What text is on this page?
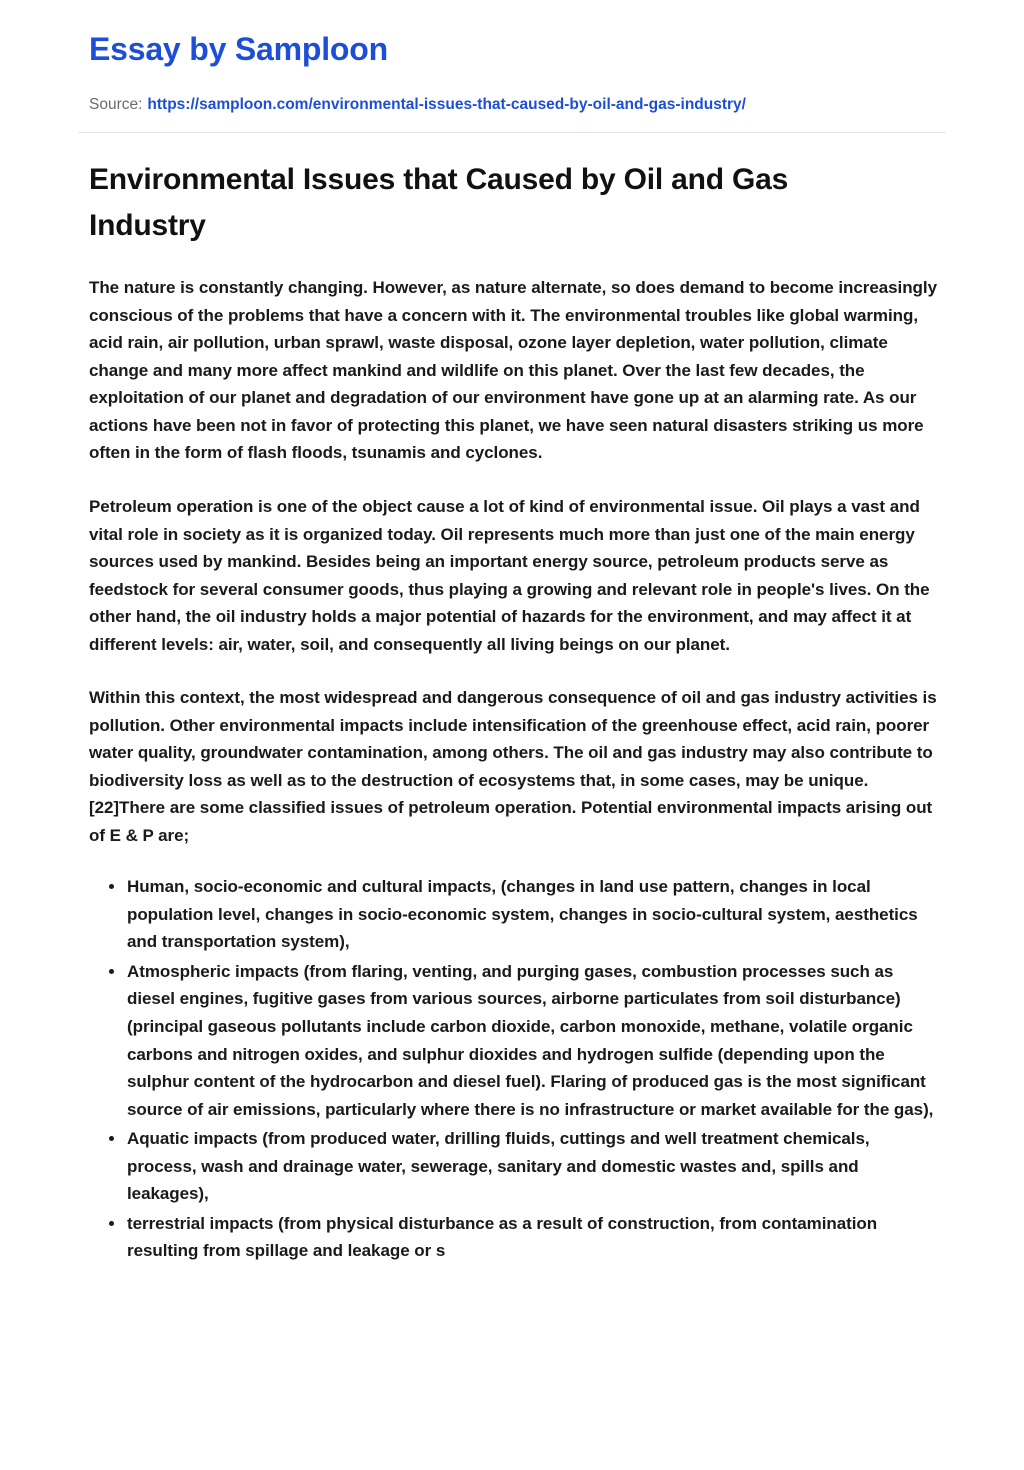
Essay by Samploon
Source: https://samploon.com/environmental-issues-that-caused-by-oil-and-gas-industry/
Environmental Issues that Caused by Oil and Gas Industry

The nature is constantly changing. However, as nature alternate, so does demand to become increasingly conscious of the problems that have a concern with it. The environmental troubles like global warming, acid rain, air pollution, urban sprawl, waste disposal, ozone layer depletion, water pollution, climate change and many more affect mankind and wildlife on this planet. Over the last few decades, the exploitation of our planet and degradation of our environment have gone up at an alarming rate. As our actions have been not in favor of protecting this planet, we have seen natural disasters striking us more often in the form of flash floods, tsunamis and cyclones.

Petroleum operation is one of the object cause a lot of kind of environmental issue. Oil plays a vast and vital role in society as it is organized today. Oil represents much more than just one of the main energy sources used by mankind. Besides being an important energy source, petroleum products serve as feedstock for several consumer goods, thus playing a growing and relevant role in people's lives. On the other hand, the oil industry holds a major potential of hazards for the environment, and may affect it at different levels: air, water, soil, and consequently all living beings on our planet.

Within this context, the most widespread and dangerous consequence of oil and gas industry activities is pollution. Other environmental impacts include intensification of the greenhouse effect, acid rain, poorer water quality, groundwater contamination, among others. The oil and gas industry may also contribute to biodiversity loss as well as to the destruction of ecosystems that, in some cases, may be unique. [22]There are some classified issues of petroleum operation. Potential environmental impacts arising out of E & P are;

Human, socio-economic and cultural impacts, (changes in land use pattern, changes in local population level, changes in socio-economic system, changes in socio-cultural system, aesthetics and transportation system),
Atmospheric impacts (from flaring, venting, and purging gases, combustion processes such as diesel engines, fugitive gases from various sources, airborne particulates from soil disturbance) (principal gaseous pollutants include carbon dioxide, carbon monoxide, methane, volatile organic carbons and nitrogen oxides, and sulphur dioxides and hydrogen sulfide (depending upon the sulphur content of the hydrocarbon and diesel fuel). Flaring of produced gas is the most significant source of air emissions, particularly where there is no infrastructure or market available for the gas),
Aquatic impacts (from produced water, drilling fluids, cuttings and well treatment chemicals, process, wash and drainage water, sewerage, sanitary and domestic wastes and, spills and leakages),
terrestrial impacts (from physical disturbance as a result of construction, from contamination resulting from spillage and leakage or s
